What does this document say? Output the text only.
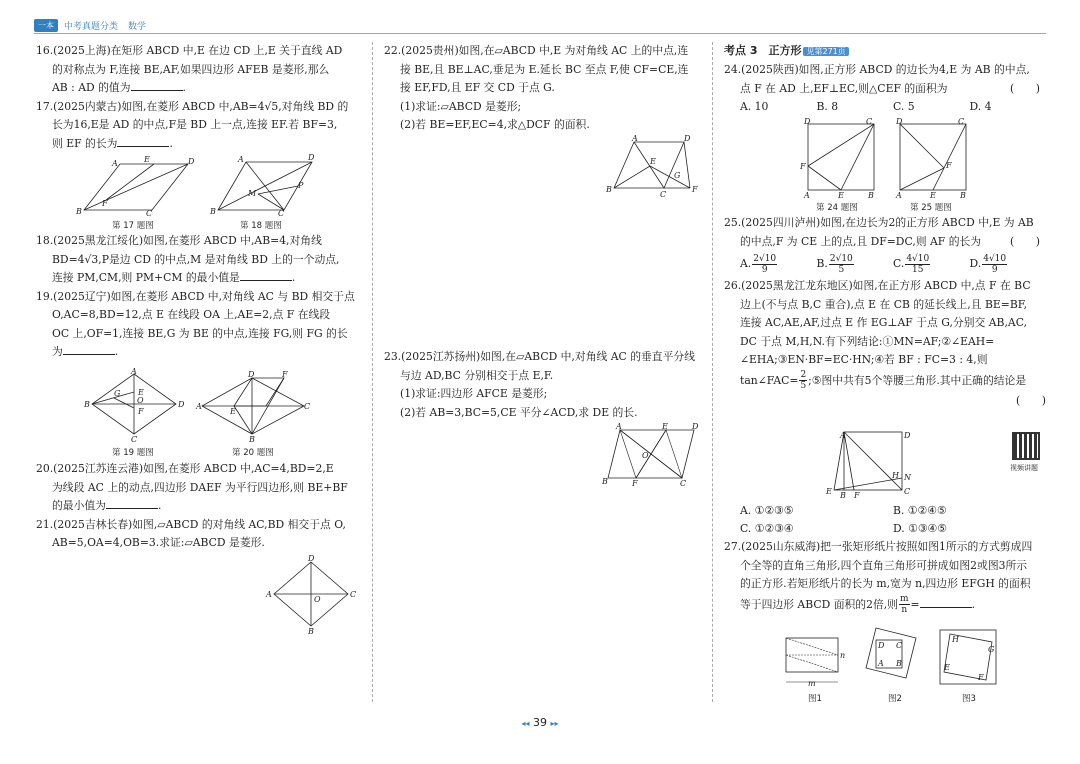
一本	中考真题分类 数学
16.(2025上海)在矩形 ABCD 中,E 在边 CD 上,E 关于直线 AD

的对称点为 F,连接 BE,AF,如果四边形 AFEB 是菱形,那么
AB : AD 的值为	.
17.(2025内蒙古)如图,在菱形 ABCD 中,AB=4√5,对角线 BD 的

长为16,E是 AD 的中点,F是 BD 上一点,连接 EF.若 BF=3,
则 EF 的长为	.
A	E	D
B
F
C
第 17 题图
A	D
M
P
B	C
第 18 题图
18.(2025黑龙江绥化)如图,在菱形 ABCD 中,AB=4,对角线

BD=4√3,P是边 CD 的中点,M 是对角线 BD 上的一个动点,
连接 PM,CM,则 PM+CM 的最小值是	.
19.(2025辽宁)如图,在菱形 ABCD 中,对角线 AC 与 BD 相交于点

O,AC=8,BD=12,点 E 在线段 OA 上,AE=2,点 F 在线段
OC 上,OF=1,连接 BE,G 为 BE 的中点,连接 FG,则 FG 的长
为	.
A
B
E
G
O
F
D
C
第 19 题图
D	F
A
E
C
B
第 20 题图
20.(2025江苏连云港)如图,在菱形 ABCD 中,AC=4,BD=2,E

为线段 AC 上的动点,四边形 DAEF 为平行四边形,则 BE+BF
的最小值为	.
21.(2025吉林长春)如图,▱ABCD 的对角线 AC,BD 相交于点 O,

AB=5,OA=4,OB=3.求证:▱ABCD 是菱形.
D
A	C
O
B
22.(2025贵州)如图,在▱ABCD 中,E 为对角线 AC 上的中点,连

接 BE,且 BE⊥AC,垂足为 E.延长 BC 至点 F,使 CF=CE,连
接 EF,FD,且 EF 交 CD 于点 G.
(1)求证:▱ABCD 是菱形;
(2)若 BE=EF,EC=4,求△DCF 的面积.
A	D
E
G
B
C
F
23.(2025江苏扬州)如图,在▱ABCD 中,对角线 AC 的垂直平分线

与边 AD,BC 分别相交于点 E,F.
(1)求证:四边形 AFCE 是菱形;
(2)若 AB=3,BC=5,CE 平分∠ACD,求 DE 的长.
A	E	D
O
B	F	C
考点 3　正方形 见第271页
24.(2025陕西)如图,正方形 ABCD 的边长为4,E 为 AB 的中点,

点 F 在 AD 上,EF⊥EC,则△CEF 的面积为	(　　)
A. 10	B. 8	C. 5	D. 4
D	C
F
A	E	B
第 24 题图
D	C
F
A	E	B
第 25 题图
25.(2025四川泸州)如图,在边长为2的正方形 ABCD 中,E 为 AB

的中点,F 为 CE 上的点,且 DF=DC,则 AF 的长为	(　　)
A. $\frac{2√10}{9}$	B. $\frac{2√10}{5}$	C. $\frac{4√10}{15}$	D. $\frac{4√10}{9}$
26.(2025黑龙江龙东地区)如图,在正方形 ABCD 中,点 F 在 BC

边上(不与点 B,C 重合),点 E 在 CB 的延长线上,且 BE=BF,
连接 AC,AE,AF,过点 E 作 EG⊥AF 于点 G,分别交 AB,AC,
DC 于点 M,H,N.有下列结论:①MN=AF;②∠EAH=
∠EHA;③EN·BF=EC·HN;④若 BF : FC=3 : 4,则
tan∠FAC= $\frac{2}{5}$ ;⑤图中共有5个等腰三角形.其中正确的结论是
(　　)
A	D
H N
E B F	C
视频讲题
A. ①②③⑤	B. ①②④⑤
C. ①②③④	D. ①③④⑤
27.(2025山东威海)把一张矩形纸片按照如图1所示的方式剪成四

个全等的直角三角形,四个直角三角形可拼成如图2或图3所示
的正方形.若矩形纸片的长为 m,宽为 n,四边形 EFGH 的面积
等于四边形 ABCD 面积的2倍,则 $\frac{m}{n}$ =	.
m
n
图1
D C
A B
图2
H
G
E
F
图3
◂◂ 39 ▸▸
